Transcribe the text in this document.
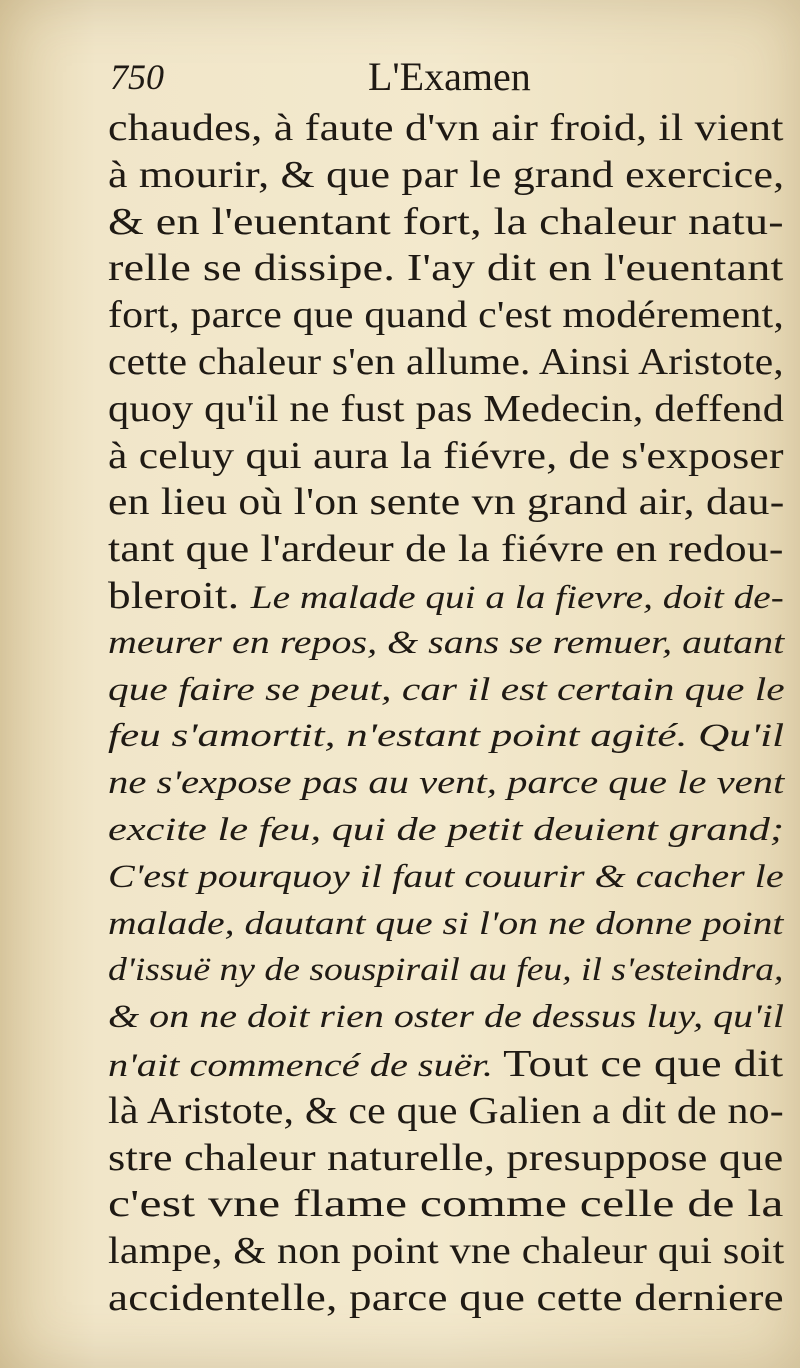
750	L'Examen
chaudes, à faute d'vn air froid, il vient
à mourir, & que par le grand exercice,
& en l'euentant fort, la chaleur natu-
relle se dissipe. I'ay dit en l'euentant
fort, parce que quand c'est modérement,
cette chaleur s'en allume. Ainsi Aristote,
quoy qu'il ne fust pas Medecin, deffend
à celuy qui aura la fiévre, de s'exposer
en lieu où l'on sente vn grand air, dau-
tant que l'ardeur de la fiévre en redou-
bleroit. Le malade qui a la fievre, doit de-
meurer en repos, & sans se remuer, autant
que faire se peut, car il est certain que le
feu s'amortit, n'estant point agité. Qu'il
ne s'expose pas au vent, parce que le vent
excite le feu, qui de petit deuient grand;
C'est pourquoy il faut couurir & cacher le
malade, dautant que si l'on ne donne point
d'issuë ny de souspirail au feu, il s'esteindra,
& on ne doit rien oster de dessus luy, qu'il
n'ait commencé de suër. Tout ce que dit
là Aristote, & ce que Galien a dit de no-
stre chaleur naturelle, presuppose que
c'est vne flame comme celle de la
lampe, & non point vne chaleur qui soit
accidentelle, parce que cette derniere
